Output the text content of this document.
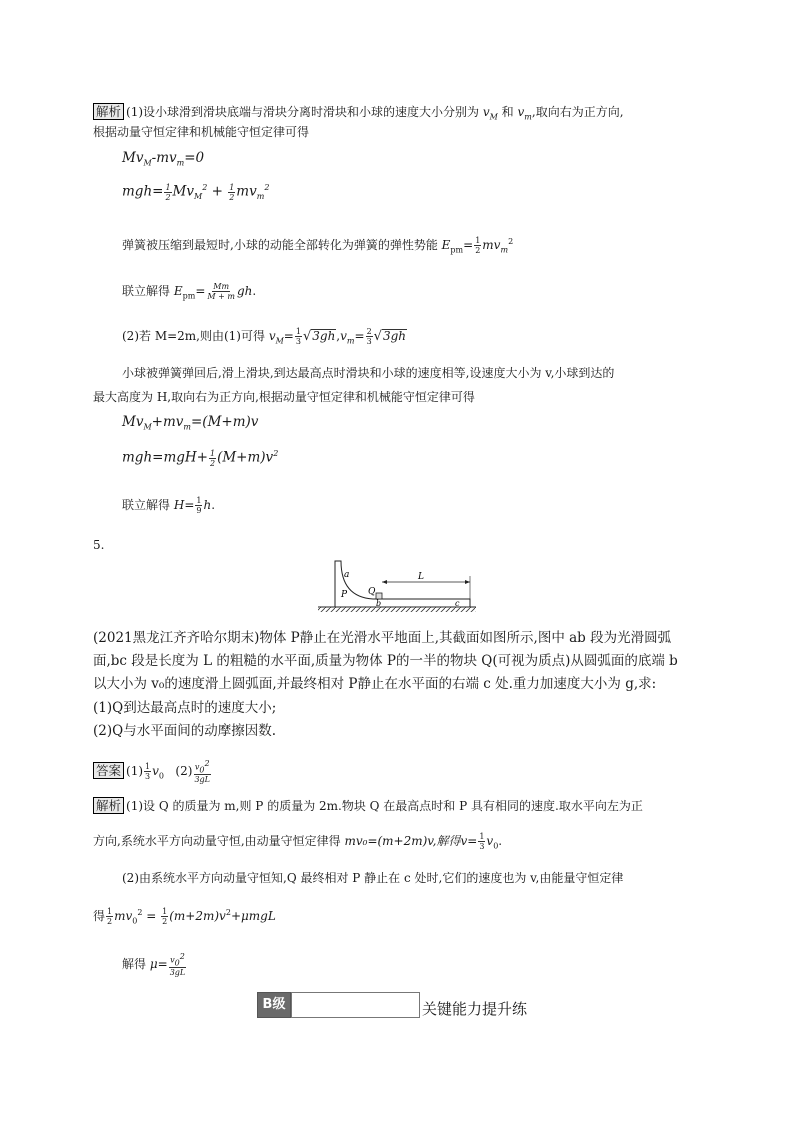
解析 (1)设小球滑到滑块底端与滑块分离时滑块和小球的速度大小分别为 $v_M$ 和 $v_m$,取向右为正方向,
根据动量守恒定律和机械能守恒定律可得
$Mv_M-mv_m=0$
$mgh= \frac{1}{2} Mv_M^2 + \frac{1}{2} mv_m^2$
弹簧被压缩到最短时,小球的动能全部转化为弹簧的弹性势能 $E_{pm}= \frac{1}{2} mv_m^2$
联立解得 $E_{pm}= \frac{Mm}{M + m}$ gh.
(2)若 M=2m,则由(1)可得 $v_M= \frac{1}{3} √3gh,v_m= \frac{2}{3} √3gh$
小球被弹簧弹回后,滑上滑块,到达最高点时滑块和小球的速度相等,设速度大小为 v,小球到达的
最大高度为 H,取向右为正方向,根据动量守恒定律和机械能守恒定律可得
$Mv_M+mv_m=(M+m)v$
$mgh=mgH+ \frac{1}{2} (M+m)v^2$
联立解得 $H= \frac{1}{9} h$.
5.
a
P Q
b
L
c
(2021黑龙江齐齐哈尔期末)物体 P静止在光滑水平地面上,其截面如图所示,图中 ab 段为光滑圆弧
面,bc 段是长度为 L 的粗糙的水平面,质量为物体 P的一半的物块 Q(可视为质点)从圆弧面的底端 b
以大小为 v₀的速度滑上圆弧面,并最终相对 P静止在水平面的右端 c 处.重力加速度大小为 g,求:
(1)Q到达最高点时的速度大小;
(2)Q与水平面间的动摩擦因数.
答案 $(1) \frac{1}{3} v_0$   $(2) \frac{v_0^2}{3gL}$
解析 (1)设 Q 的质量为 m,则 P 的质量为 2m.物块 Q 在最高点时和 P 具有相同的速度.取水平向左为正
方向,系统水平方向动量守恒,由动量守恒定律得 mv₀=(m+2m)v,解得$v= \frac{1}{3} v_0$.
(2)由系统水平方向动量守恒知,Q 最终相对 P 静止在 c 处时,它们的速度也为 v,由能量守恒定律
得 $\frac{1}{2} mv_0^2 = \frac{1}{2} (m+2m)v^2+\mu mgL$
解得 $\mu= \frac{v_0^2}{3gL}$
B级	关键能力提升练
